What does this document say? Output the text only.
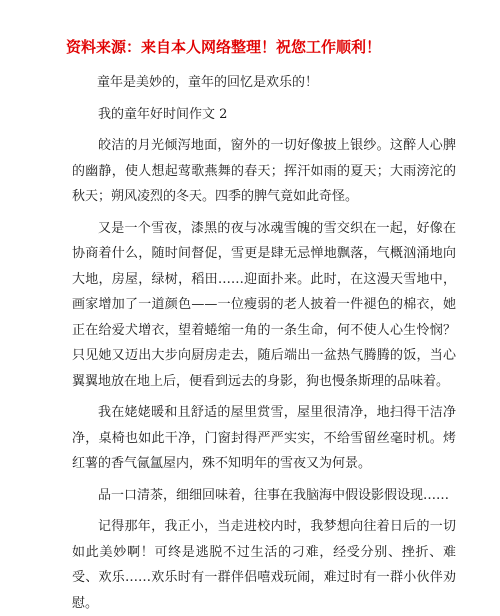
资料来源：来自本人网络整理！祝您工作顺利！

童年是美妙的，童年的回忆是欢乐的！

我的童年好时间作文 2

皎洁的月光倾泻地面，窗外的一切好像披上银纱。这醉人心脾的幽静，使人想起莺歌燕舞的春天；挥汗如雨的夏天；大雨滂沱的秋天；朔风凌烈的冬天。四季的脾气竟如此奇怪。

又是一个雪夜，漆黑的夜与冰魂雪魄的雪交织在一起，好像在协商着什么，随时间督促，雪更是肆无忌惮地飘落，气概汹涌地向大地，房屋，绿树，稻田……迎面扑来。此时，在这漫天雪地中，画家增加了一道颜色——一位瘦弱的老人披着一件褪色的棉衣，她正在给爱犬增衣，望着蜷缩一角的一条生命，何不使人心生怜悯？只见她又迈出大步向厨房走去，随后端出一盆热气腾腾的饭，当心翼翼地放在地上后，便看到远去的身影，狗也慢条斯理的品味着。

我在姥姥暖和且舒适的屋里赏雪，屋里很清净，地扫得干洁净净，桌椅也如此干净，门窗封得严严实实，不给雪留丝毫时机。烤红薯的香气氤氲屋内，殊不知明年的雪夜又为何景。

品一口清茶，细细回味着，往事在我脑海中假设影假设现……

记得那年，我正小，当走进校内时，我梦想向往着日后的一切如此美妙啊！可终是逃脱不过生活的刁难，经受分别、挫折、难受、欢乐……欢乐时有一群伴侣嘻戏玩闹，难过时有一群小伙伴劝慰。
